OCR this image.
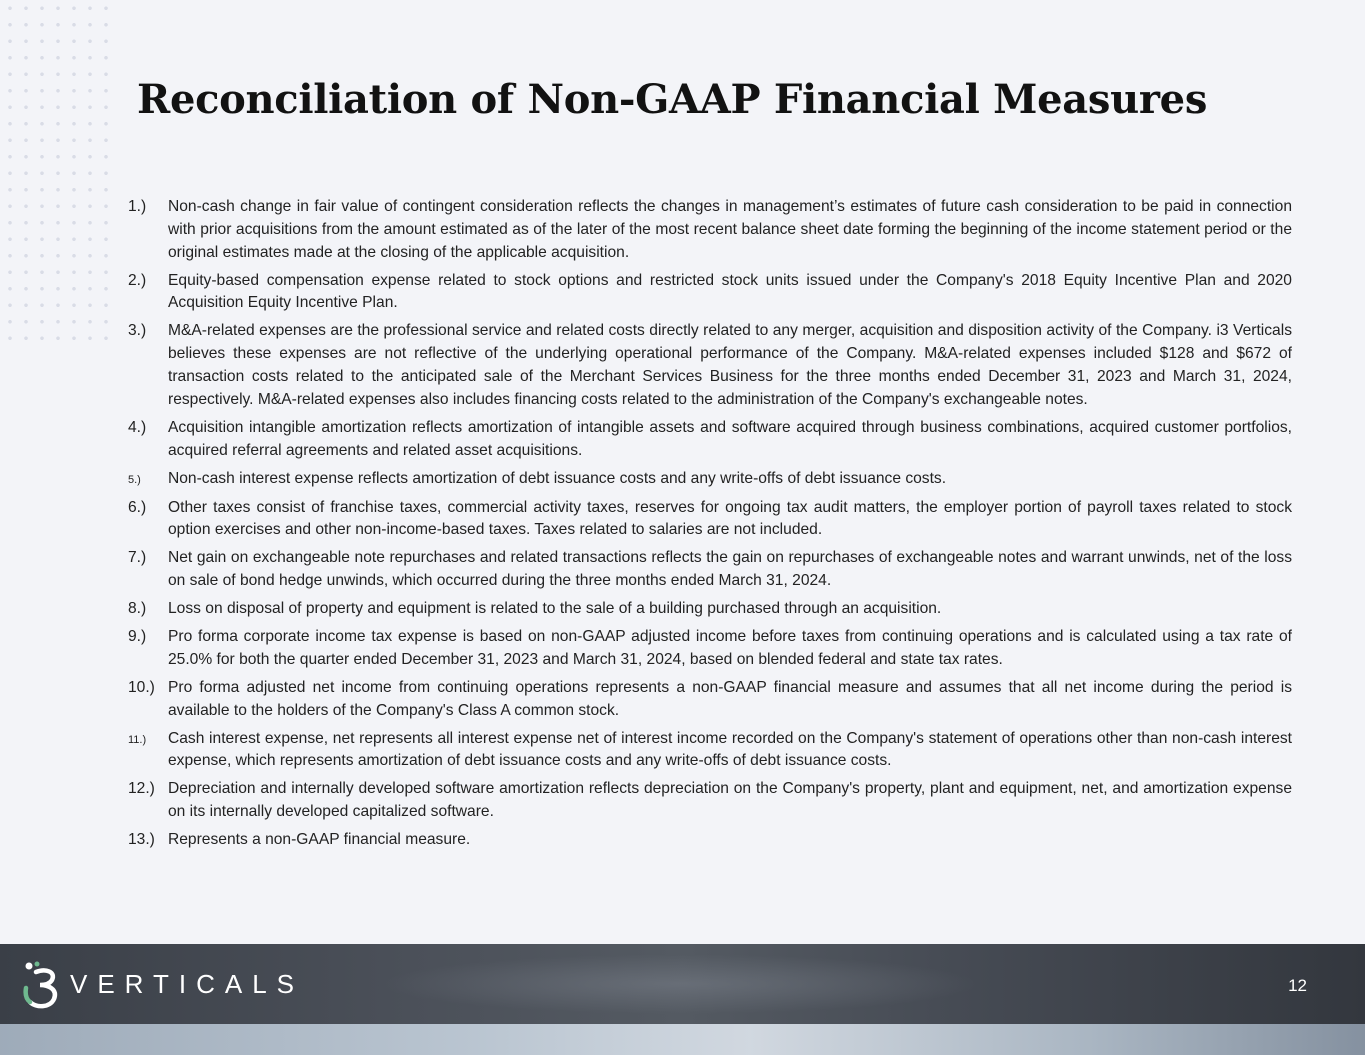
Reconciliation of Non-GAAP Financial Measures
1.)	Non-cash change in fair value of contingent consideration reflects the changes in management’s estimates of future cash consideration to be paid in connection with prior acquisitions from the amount estimated as of the later of the most recent balance sheet date forming the beginning of the income statement period or the original estimates made at the closing of the applicable acquisition.
2.)	Equity-based compensation expense related to stock options and restricted stock units issued under the Company's 2018 Equity Incentive Plan and 2020 Acquisition Equity Incentive Plan.
3.)	M&A-related expenses are the professional service and related costs directly related to any merger, acquisition and disposition activity of the Company. i3 Verticals believes these expenses are not reflective of the underlying operational performance of the Company. M&A-related expenses included $128 and $672 of transaction costs related to the anticipated sale of the Merchant Services Business for the three months ended December 31, 2023 and March 31, 2024, respectively. M&A-related expenses also includes financing costs related to the administration of the Company's exchangeable notes.
4.)	Acquisition intangible amortization reflects amortization of intangible assets and software acquired through business combinations, acquired customer portfolios, acquired referral agreements and related asset acquisitions.
5.)	Non-cash interest expense reflects amortization of debt issuance costs and any write-offs of debt issuance costs.
6.)	Other taxes consist of franchise taxes, commercial activity taxes, reserves for ongoing tax audit matters, the employer portion of payroll taxes related to stock option exercises and other non-income-based taxes. Taxes related to salaries are not included.
7.)	Net gain on exchangeable note repurchases and related transactions reflects the gain on repurchases of exchangeable notes and warrant unwinds, net of the loss on sale of bond hedge unwinds, which occurred during the three months ended March 31, 2024.
8.)	Loss on disposal of property and equipment is related to the sale of a building purchased through an acquisition.
9.)	Pro forma corporate income tax expense is based on non-GAAP adjusted income before taxes from continuing operations and is calculated using a tax rate of 25.0% for both the quarter ended December 31, 2023 and March 31, 2024, based on blended federal and state tax rates.
10.) Pro forma adjusted net income from continuing operations represents a non-GAAP financial measure and assumes that all net income during the period is available to the holders of the Company's Class A common stock.
11.)	Cash interest expense, net represents all interest expense net of interest income recorded on the Company's statement of operations other than non-cash interest expense, which represents amortization of debt issuance costs and any write-offs of debt issuance costs.
12.) Depreciation and internally developed software amortization reflects depreciation on the Company's property, plant and equipment, net, and amortization expense on its internally developed capitalized software.
13.) Represents a non-GAAP financial measure.
VERTICALS	12
